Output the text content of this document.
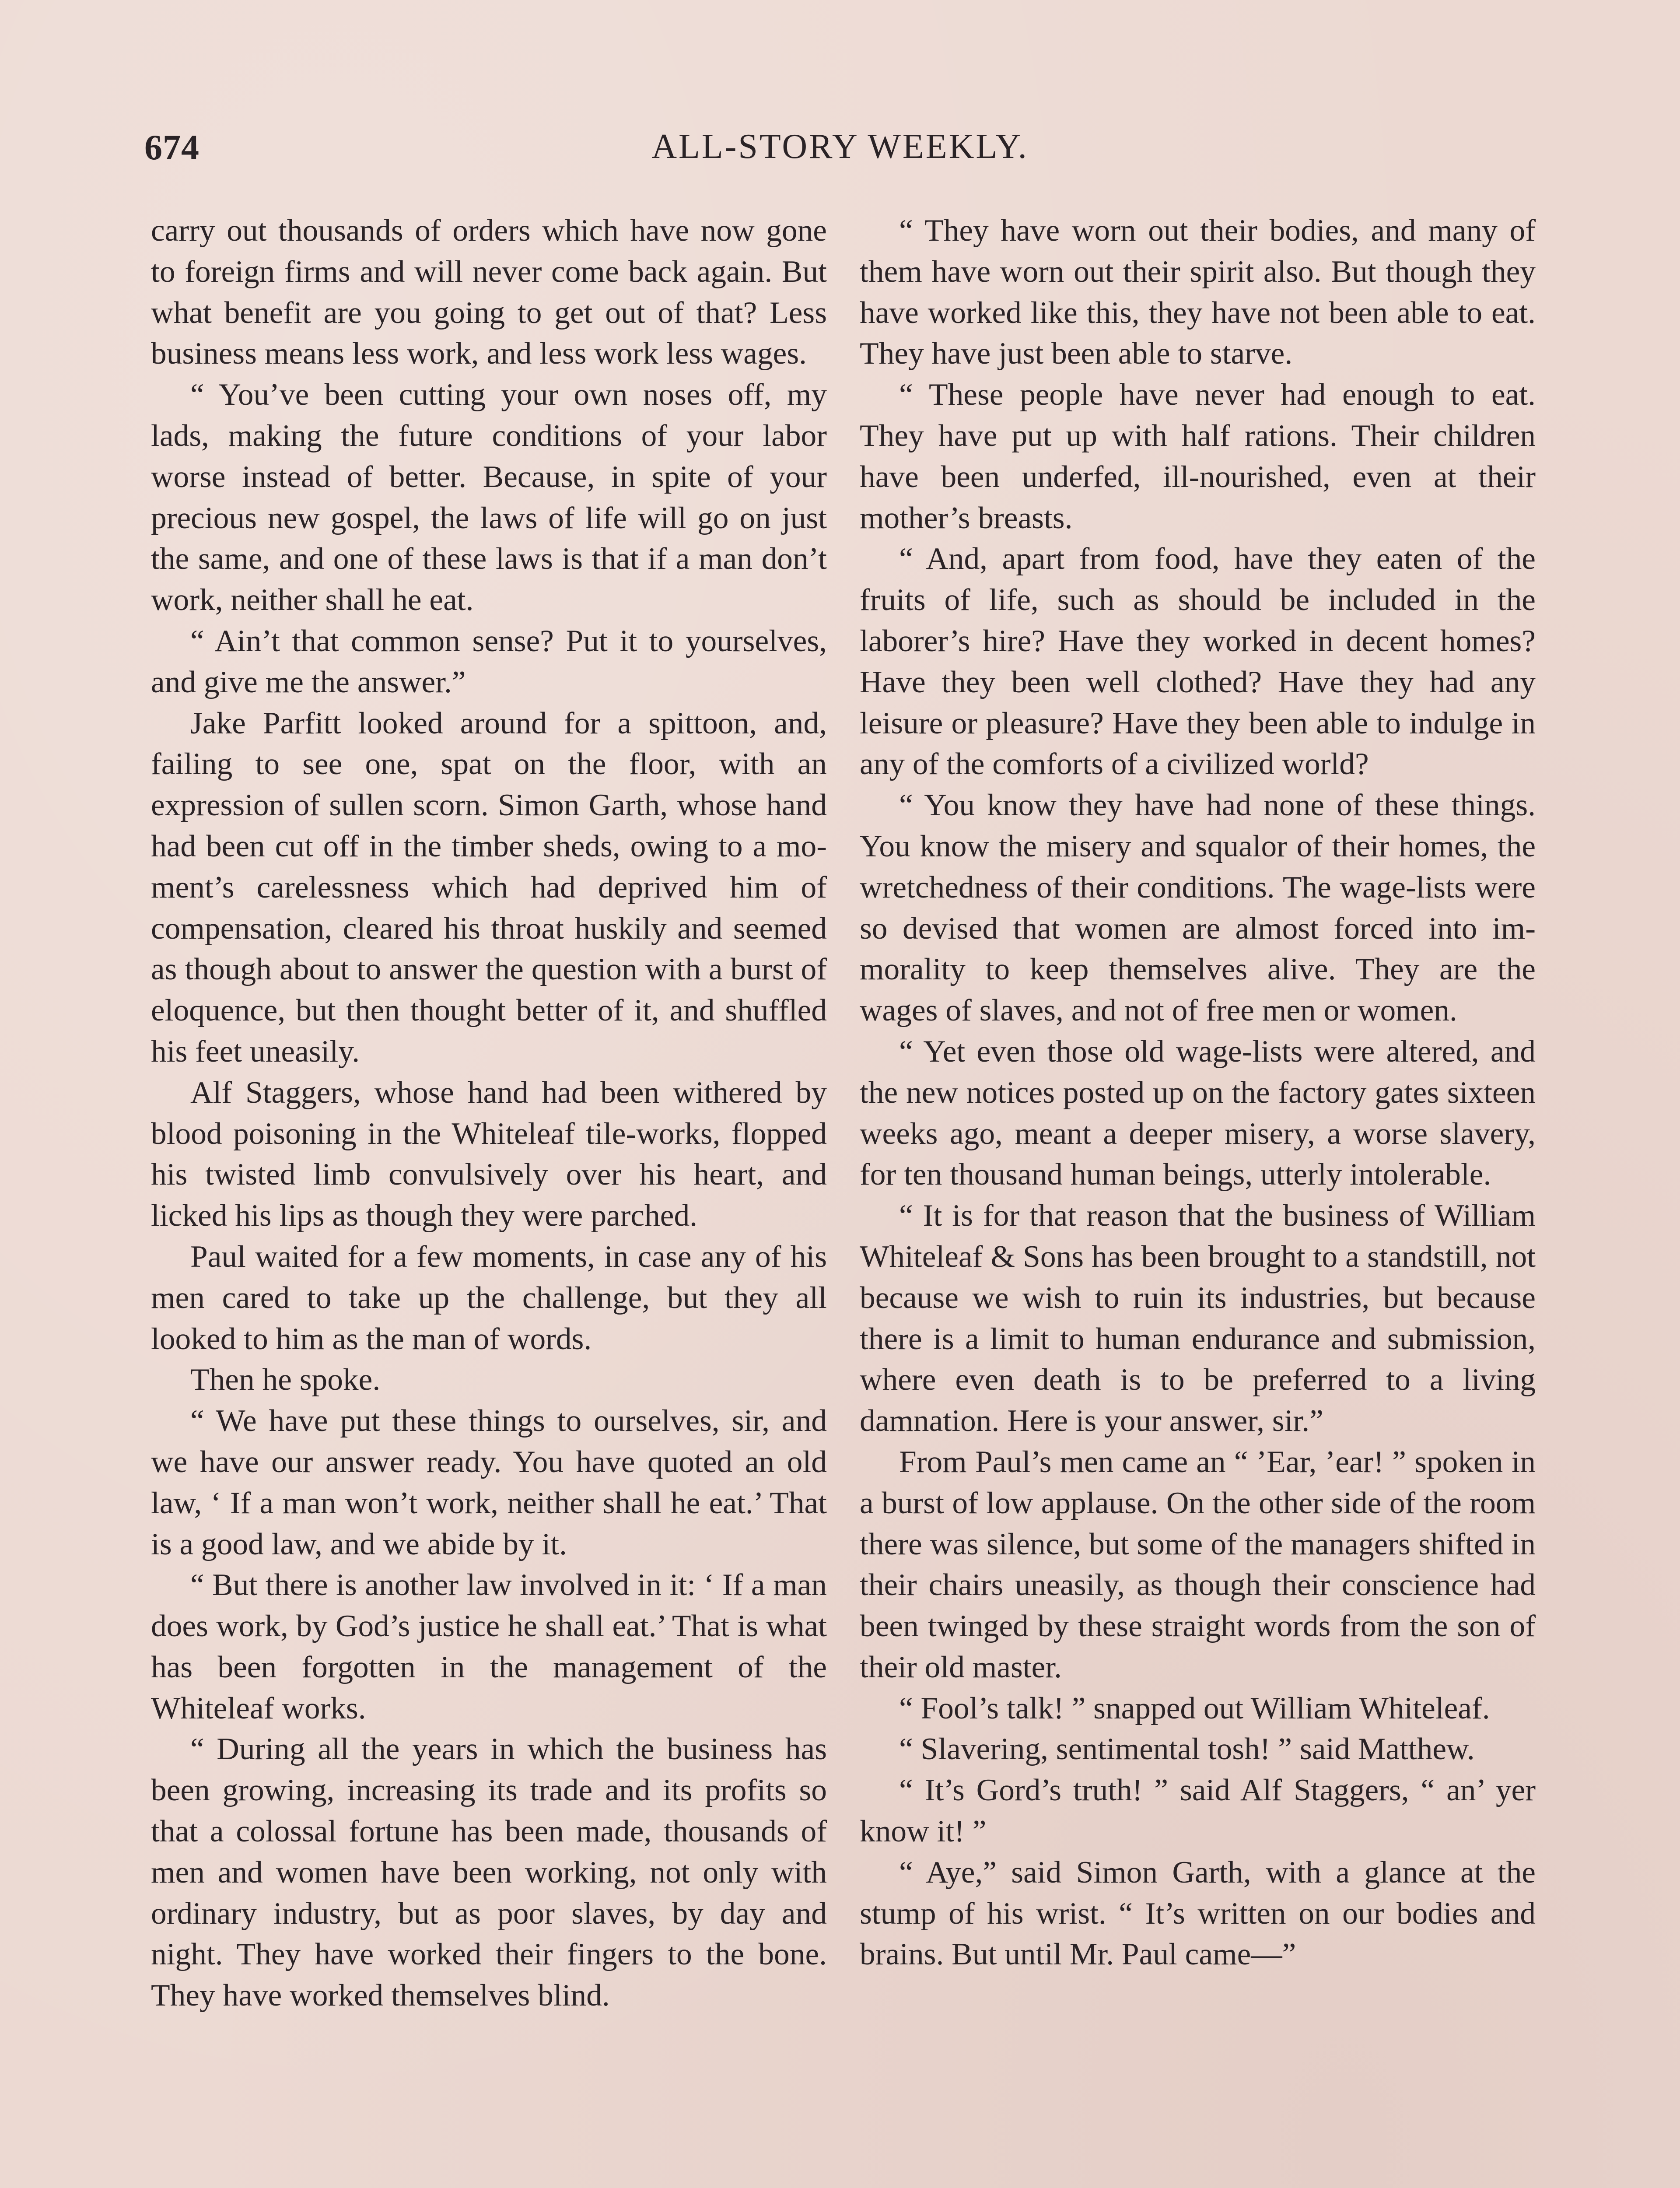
674	ALL-STORY WEEKLY.

carry out thousands of orders which have now gone to foreign firms and will never come back again. But what benefit are you going to get out of that? Less business means less work, and less work less wages.

“ You’ve been cutting your own noses off, my lads, making the future conditions of your labor worse instead of better. Because, in spite of your precious new gospel, the laws of life will go on just the same, and one of these laws is that if a man don’t work, neither shall he eat.

“ Ain’t that common sense? Put it to yourselves, and give me the answer.”

Jake Parfitt looked around for a spittoon, and, failing to see one, spat on the floor, with an expression of sullen scorn. Simon Garth, whose hand had been cut off in the timber sheds, owing to a moment’s carelessness which had deprived him of compensation, cleared his throat huskily and seemed as though about to answer the question with a burst of eloquence, but then thought better of it, and shuffled his feet uneasily.

Alf Staggers, whose hand had been withered by blood poisoning in the Whiteleaf tile-works, flopped his twisted limb convulsively over his heart, and licked his lips as though they were parched.

Paul waited for a few moments, in case any of his men cared to take up the challenge, but they all looked to him as the man of words.

Then he spoke.

“ We have put these things to ourselves, sir, and we have our answer ready. You have quoted an old law, ‘ If a man won’t work, neither shall he eat.’ That is a good law, and we abide by it.

“ But there is another law involved in it: ‘ If a man does work, by God’s justice he shall eat.’ That is what has been forgotten in the management of the Whiteleaf works.

“ During all the years in which the business has been growing, increasing its trade and its profits so that a colossal fortune has been made, thousands of men and women have been working, not only with ordinary industry, but as poor slaves, by day and night. They have worked their fingers to the bone. They have worked themselves blind.

“ They have worn out their bodies, and many of them have worn out their spirit also. But though they have worked like this, they have not been able to eat. They have just been able to starve.

“ These people have never had enough to eat. They have put up with half rations. Their children have been underfed, ill-nourished, even at their mother’s breasts.

“ And, apart from food, have they eaten of the fruits of life, such as should be included in the laborer’s hire? Have they worked in decent homes? Have they been well clothed? Have they had any leisure or pleasure? Have they been able to indulge in any of the comforts of a civilized world?

“ You know they have had none of these things. You know the misery and squalor of their homes, the wretchedness of their conditions. The wage-lists were so devised that women are almost forced into immorality to keep themselves alive. They are the wages of slaves, and not of free men or women.

“ Yet even those old wage-lists were altered, and the new notices posted up on the factory gates sixteen weeks ago, meant a deeper misery, a worse slavery, for ten thousand human beings, utterly intolerable.

“ It is for that reason that the business of William Whiteleaf & Sons has been brought to a standstill, not because we wish to ruin its industries, but because there is a limit to human endurance and submission, where even death is to be preferred to a living damnation. Here is your answer, sir.”

From Paul’s men came an “ ’Ear, ’ear! ” spoken in a burst of low applause. On the other side of the room there was silence, but some of the managers shifted in their chairs uneasily, as though their conscience had been twinged by these straight words from the son of their old master.

“ Fool’s talk! ” snapped out William Whiteleaf.

“ Slavering, sentimental tosh! ” said Matthew.

“ It’s Gord’s truth! ” said Alf Staggers, “ an’ yer know it! ”

“ Aye,” said Simon Garth, with a glance at the stump of his wrist. “ It’s written on our bodies and brains. But until Mr. Paul came—”
